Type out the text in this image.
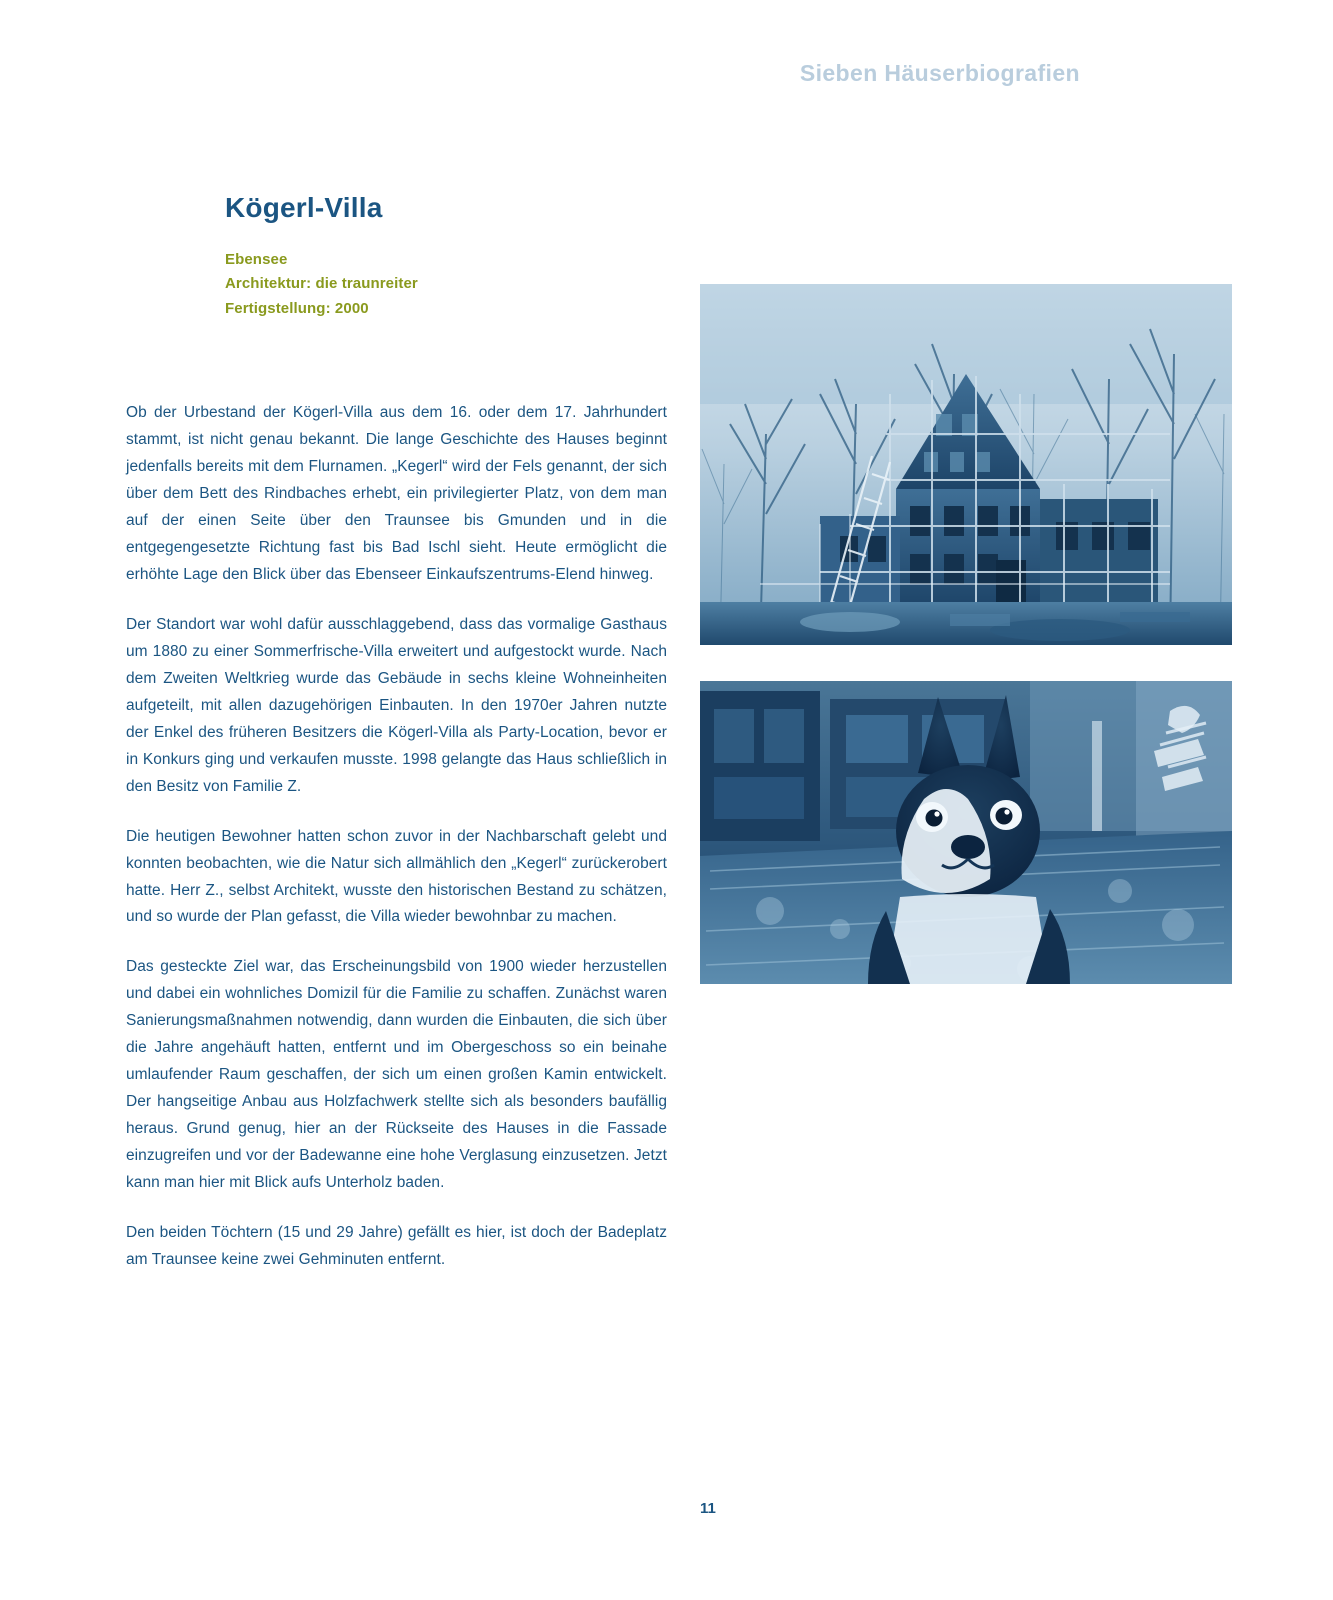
Sieben Häuserbiografien
Kögerl-Villa
Ebensee
Architektur: die traunreiter
Fertigstellung: 2000

Ob der Urbestand der Kögerl-Villa aus dem 16. oder dem 17. Jahrhundert stammt, ist nicht genau bekannt. Die lange Geschichte des Hauses beginnt jedenfalls bereits mit dem Flurnamen. „Kegerl“ wird der Fels genannt, der sich über dem Bett des Rindbaches erhebt, ein privilegierter Platz, von dem man auf der einen Seite über den Traunsee bis Gmunden und in die entgegengesetzte Richtung fast bis Bad Ischl sieht. Heute ermöglicht die erhöhte Lage den Blick über das Ebenseer Einkaufszentrums-Elend hinweg.

Der Standort war wohl dafür ausschlaggebend, dass das vormalige Gasthaus um 1880 zu einer Sommerfrische-Villa erweitert und aufgestockt wurde. Nach dem Zweiten Weltkrieg wurde das Gebäude in sechs kleine Wohneinheiten aufgeteilt, mit allen dazugehörigen Einbauten. In den 1970er Jahren nutzte der Enkel des früheren Besitzers die Kögerl-Villa als Party-Location, bevor er in Konkurs ging und verkaufen musste. 1998 gelangte das Haus schließlich in den Besitz von Familie Z.

Die heutigen Bewohner hatten schon zuvor in der Nachbarschaft gelebt und konnten beobachten, wie die Natur sich allmählich den „Kegerl“ zurückerobert hatte. Herr Z., selbst Architekt, wusste den historischen Bestand zu schätzen, und so wurde der Plan gefasst, die Villa wieder bewohnbar zu machen.

Das gesteckte Ziel war, das Erscheinungsbild von 1900 wieder herzustellen und dabei ein wohnliches Domizil für die Familie zu schaffen. Zunächst waren Sanierungsmaßnahmen notwendig, dann wurden die Einbauten, die sich über die Jahre angehäuft hatten, entfernt und im Obergeschoss so ein beinahe umlaufender Raum geschaffen, der sich um einen großen Kamin entwickelt. Der hangseitige Anbau aus Holzfachwerk stellte sich als besonders baufällig heraus. Grund genug, hier an der Rückseite des Hauses in die Fassade einzugreifen und vor der Badewanne eine hohe Verglasung einzusetzen. Jetzt kann man hier mit Blick aufs Unterholz baden.

Den beiden Töchtern (15 und 29 Jahre) gefällt es hier, ist doch der Badeplatz am Traunsee keine zwei Gehminuten entfernt.

11
